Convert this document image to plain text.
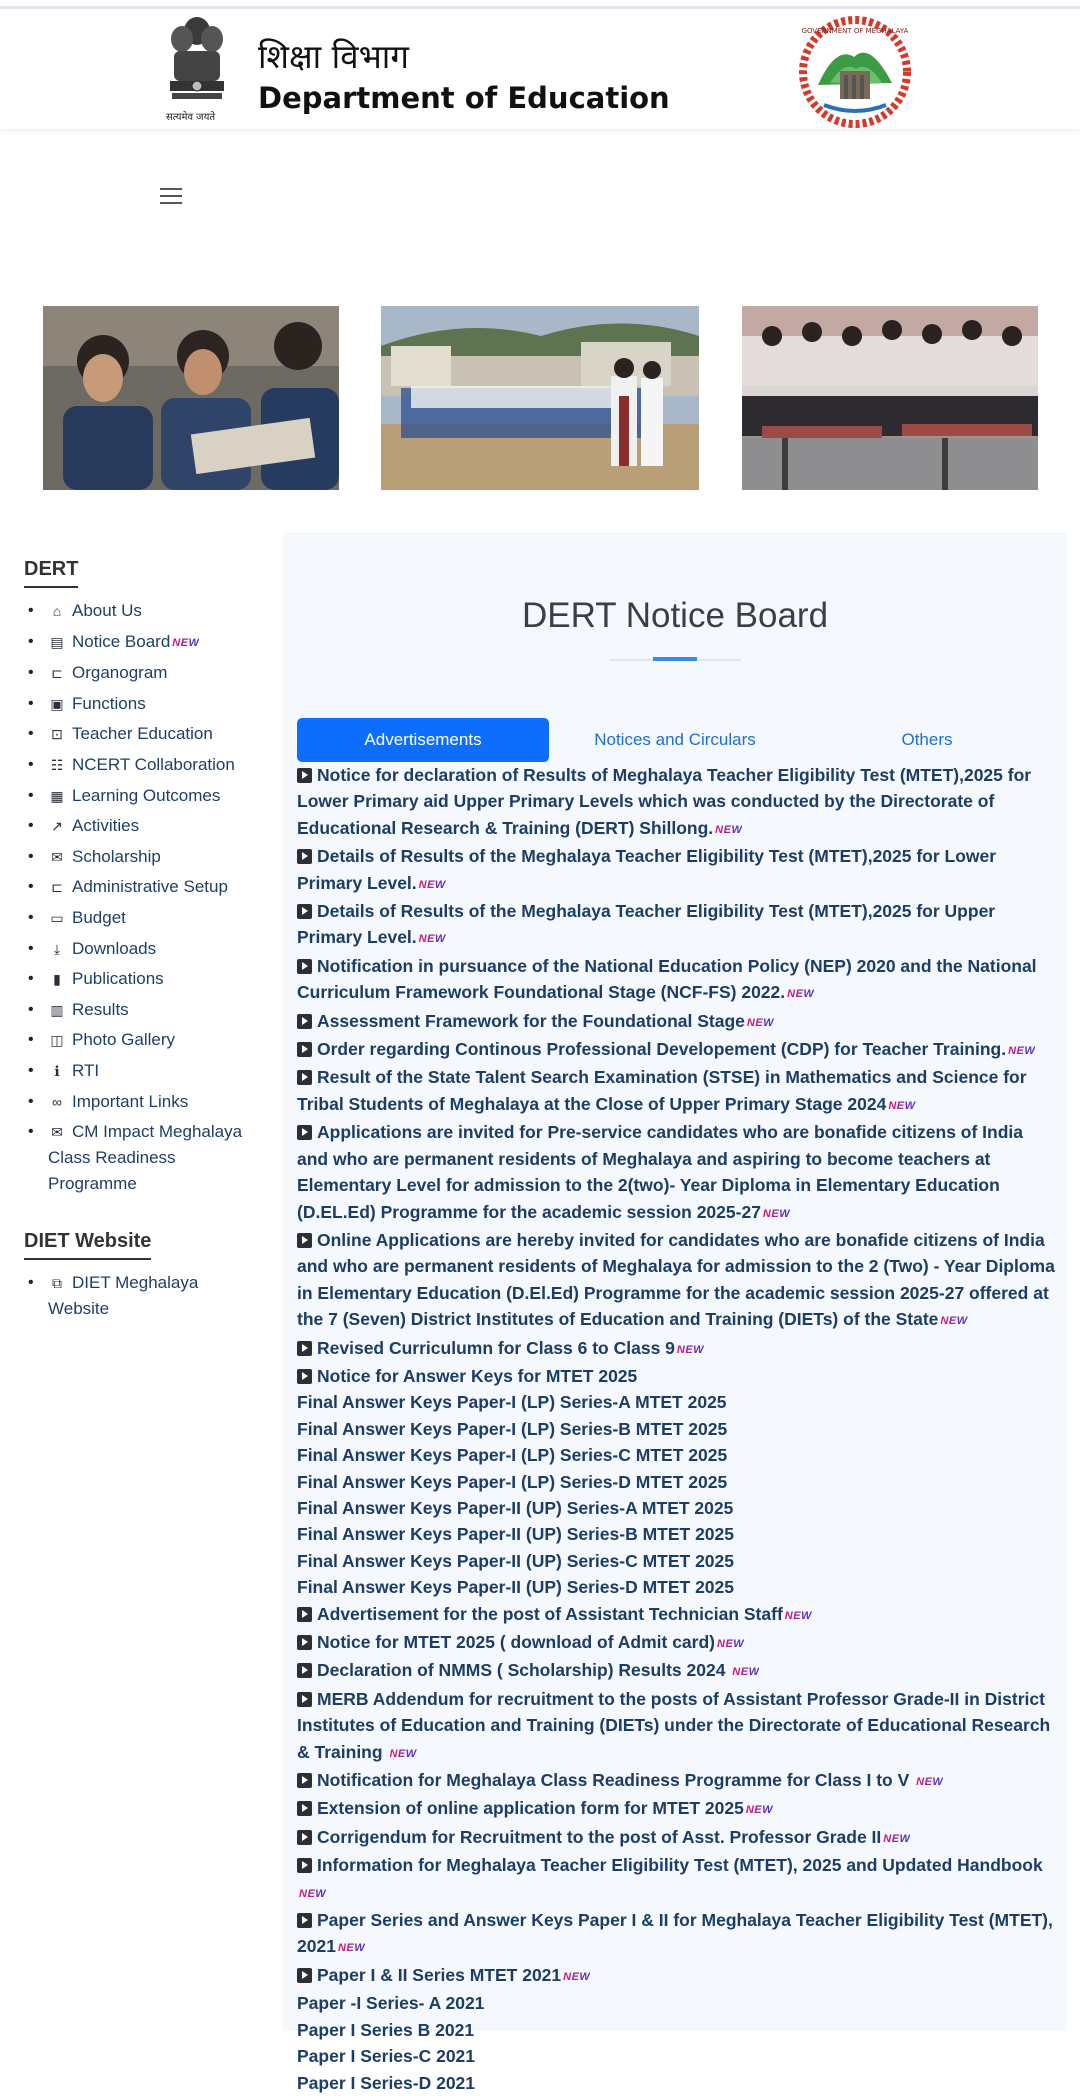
सत्यमेव जयते
शिक्षा विभाग
Department of Education
GOVERNMENT OF MEGHALAYA
DERT
• ⌂ About Us
• ▤ Notice Board NEW
• ⊏ Organogram
• ▣ Functions
• ⊡ Teacher Education
• ☷ NCERT Collaboration
• ▦ Learning Outcomes
• ↗ Activities
• ✉ Scholarship
• ⊏ Administrative Setup
• ▭ Budget
• ⤓ Downloads
• ▮ Publications
• ▥ Results
• ◫ Photo Gallery
• ℹ RTI
• ∞ Important Links
• ✉ CM Impact Meghalaya Class Readiness Programme
DIET Website
• ⧉ DIET Meghalaya Website
DERT Notice Board
Advertisements	Notices and Circulars	Others
Notice for declaration of Results of Meghalaya Teacher Eligibility Test (MTET),2025 for Lower Primary aid Upper Primary Levels which was conducted by the Directorate of Educational Research & Training (DERT) Shillong. NEW
Details of Results of the Meghalaya Teacher Eligibility Test (MTET),2025 for Lower Primary Level. NEW
Details of Results of the Meghalaya Teacher Eligibility Test (MTET),2025 for Upper Primary Level. NEW
Notification in pursuance of the National Education Policy (NEP) 2020 and the National Curriculum Framework Foundational Stage (NCF-FS) 2022. NEW
Assessment Framework for the Foundational Stage NEW
Order regarding Continous Professional Developement (CDP) for Teacher Training. NEW
Result of the State Talent Search Examination (STSE) in Mathematics and Science for Tribal Students of Meghalaya at the Close of Upper Primary Stage 2024 NEW
Applications are invited for Pre-service candidates who are bonafide citizens of India and who are permanent residents of Meghalaya and aspiring to become teachers at Elementary Level for admission to the 2(two)- Year Diploma in Elementary Education (D.EL.Ed) Programme for the academic session 2025-27 NEW
Online Applications are hereby invited for candidates who are bonafide citizens of India and who are permanent residents of Meghalaya for admission to the 2 (Two) - Year Diploma in Elementary Education (D.El.Ed) Programme for the academic session 2025-27 offered at the 7 (Seven) District Institutes of Education and Training (DIETs) of the State NEW
Revised Curriculumn for Class 6 to Class 9 NEW
Notice for Answer Keys for MTET 2025
Final Answer Keys Paper-I (LP) Series-A MTET 2025
Final Answer Keys Paper-I (LP) Series-B MTET 2025
Final Answer Keys Paper-I (LP) Series-C MTET 2025
Final Answer Keys Paper-I (LP) Series-D MTET 2025
Final Answer Keys Paper-II (UP) Series-A MTET 2025
Final Answer Keys Paper-II (UP) Series-B MTET 2025
Final Answer Keys Paper-II (UP) Series-C MTET 2025
Final Answer Keys Paper-II (UP) Series-D MTET 2025
Advertisement for the post of Assistant Technician Staff NEW
Notice for MTET 2025 ( download of Admit card) NEW
Declaration of NMMS ( Scholarship) Results 2024 NEW
MERB Addendum for recruitment to the posts of Assistant Professor Grade-II in District Institutes of Education and Training (DIETs) under the Directorate of Educational Research & Training NEW
Notification for Meghalaya Class Readiness Programme for Class I to V NEW
Extension of online application form for MTET 2025 NEW
Corrigendum for Recruitment to the post of Asst. Professor Grade II NEW
Information for Meghalaya Teacher Eligibility Test (MTET), 2025 and Updated HandbookNEW
Paper Series and Answer Keys Paper I & II for Meghalaya Teacher Eligibility Test (MTET), 2021 NEW
Paper I & II Series MTET 2021 NEW
Paper -I Series- A 2021
Paper I Series B 2021
Paper I Series-C 2021
Paper I Series-D 2021
